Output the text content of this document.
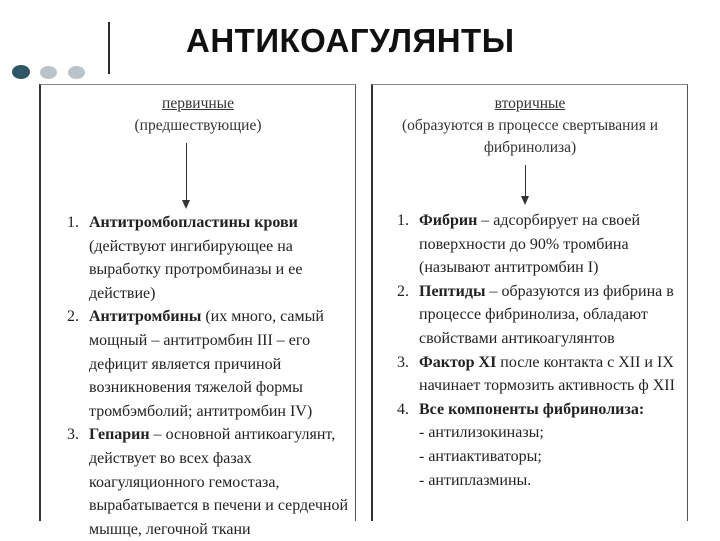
АНТИКОАГУЛЯНТЫ
первичные
(предшествующие)
1. Антитромбопластины крови (действуют ингибирующее на выработку протромбиназы и ее действие)
2. Антитромбины (их много, самый мощный – антитромбин III – его дефицит является причиной возникновения тяжелой формы тромбэмболий; антитромбин IV)
3. Гепарин – основной антикоагулянт, действует во всех фазах коагуляционного гемостаза, вырабатывается в печени и сердечной мышце, легочной ткани
вторичные
(образуются в процессе свертывания и фибринолиза)
1. Фибрин – адсорбирует на своей поверхности до 90% тромбина (называют антитромбин I)
2. Пептиды – образуются из фибрина в процессе фибринолиза, обладают свойствами антикоагулянтов
3. Фактор XI после контакта с XII и IX начинает тормозить активность ф XII
4. Все компоненты фибринолиза:
- антилизокиназы;
- антиактиваторы;
- антиплазмины.
